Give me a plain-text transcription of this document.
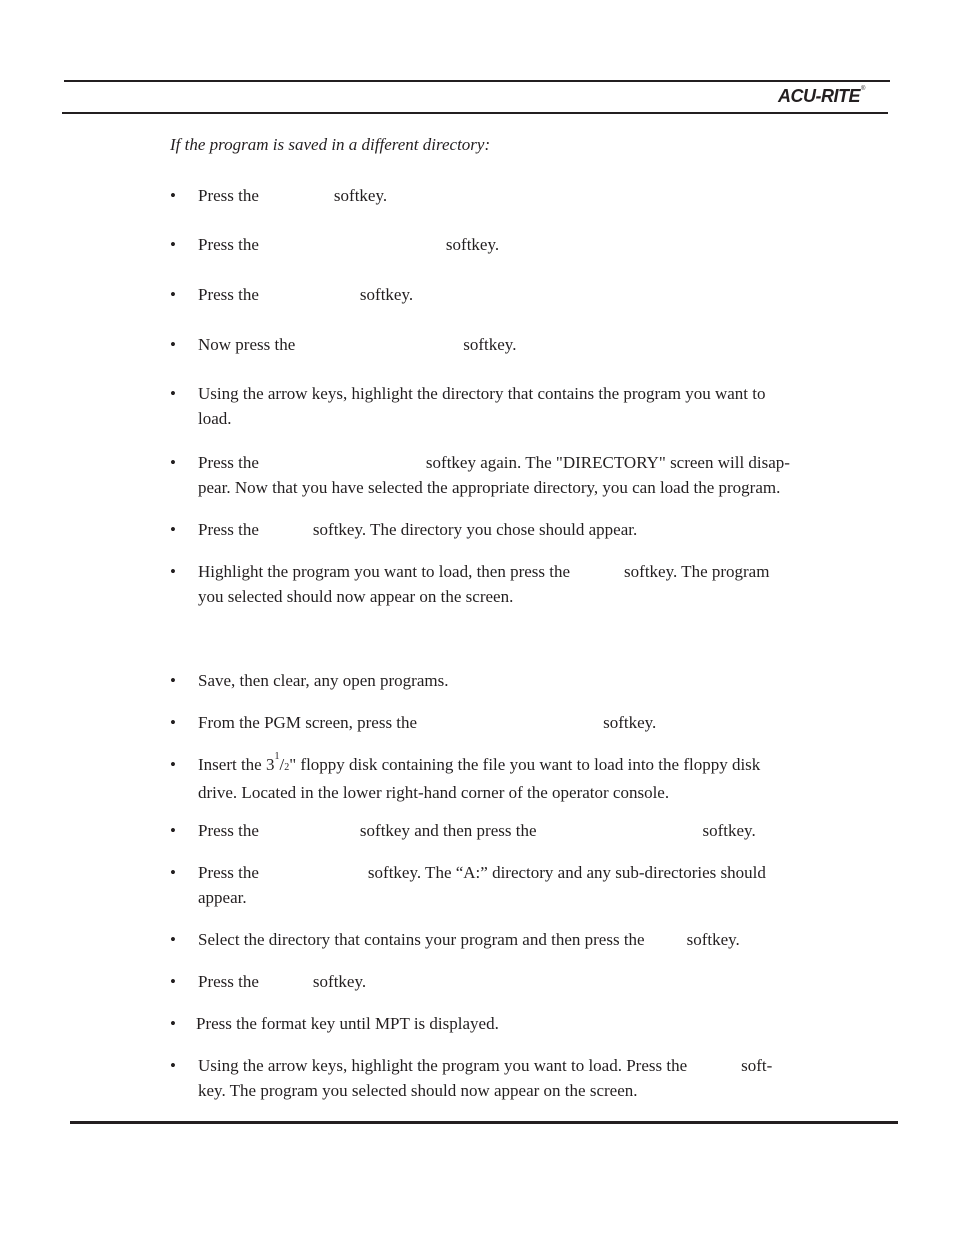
ACU-RITE®
If the program is saved in a different directory:
• Press the	softkey.
• Press the	softkey.
• Press the	softkey.
• Now press the	softkey.
• Using the arrow keys, highlight the directory that contains the program you want to
load.
• Press the	softkey again. The "DIRECTORY" screen will disap-
pear. Now that you have selected the appropriate directory, you can load the program.
• Press the	softkey. The directory you chose should appear.
• Highlight the program you want to load, then press the	softkey. The program
you selected should now appear on the screen.
• Save, then clear, any open programs.
• From the PGM screen, press the	softkey.
• Insert the $3^1/2$" floppy disk containing the file you want to load into the floppy disk
drive. Located in the lower right-hand corner of the operator console.
• Press the	softkey and then press the	softkey.
• Press the	softkey. The “A:” directory and any sub-directories should
appear.
• Select the directory that contains your program and then press the softkey.
• Press the	softkey.
• Press the format key until MPT is displayed.
• Using the arrow keys, highlight the program you want to load. Press the	soft-
key. The program you selected should now appear on the screen.
